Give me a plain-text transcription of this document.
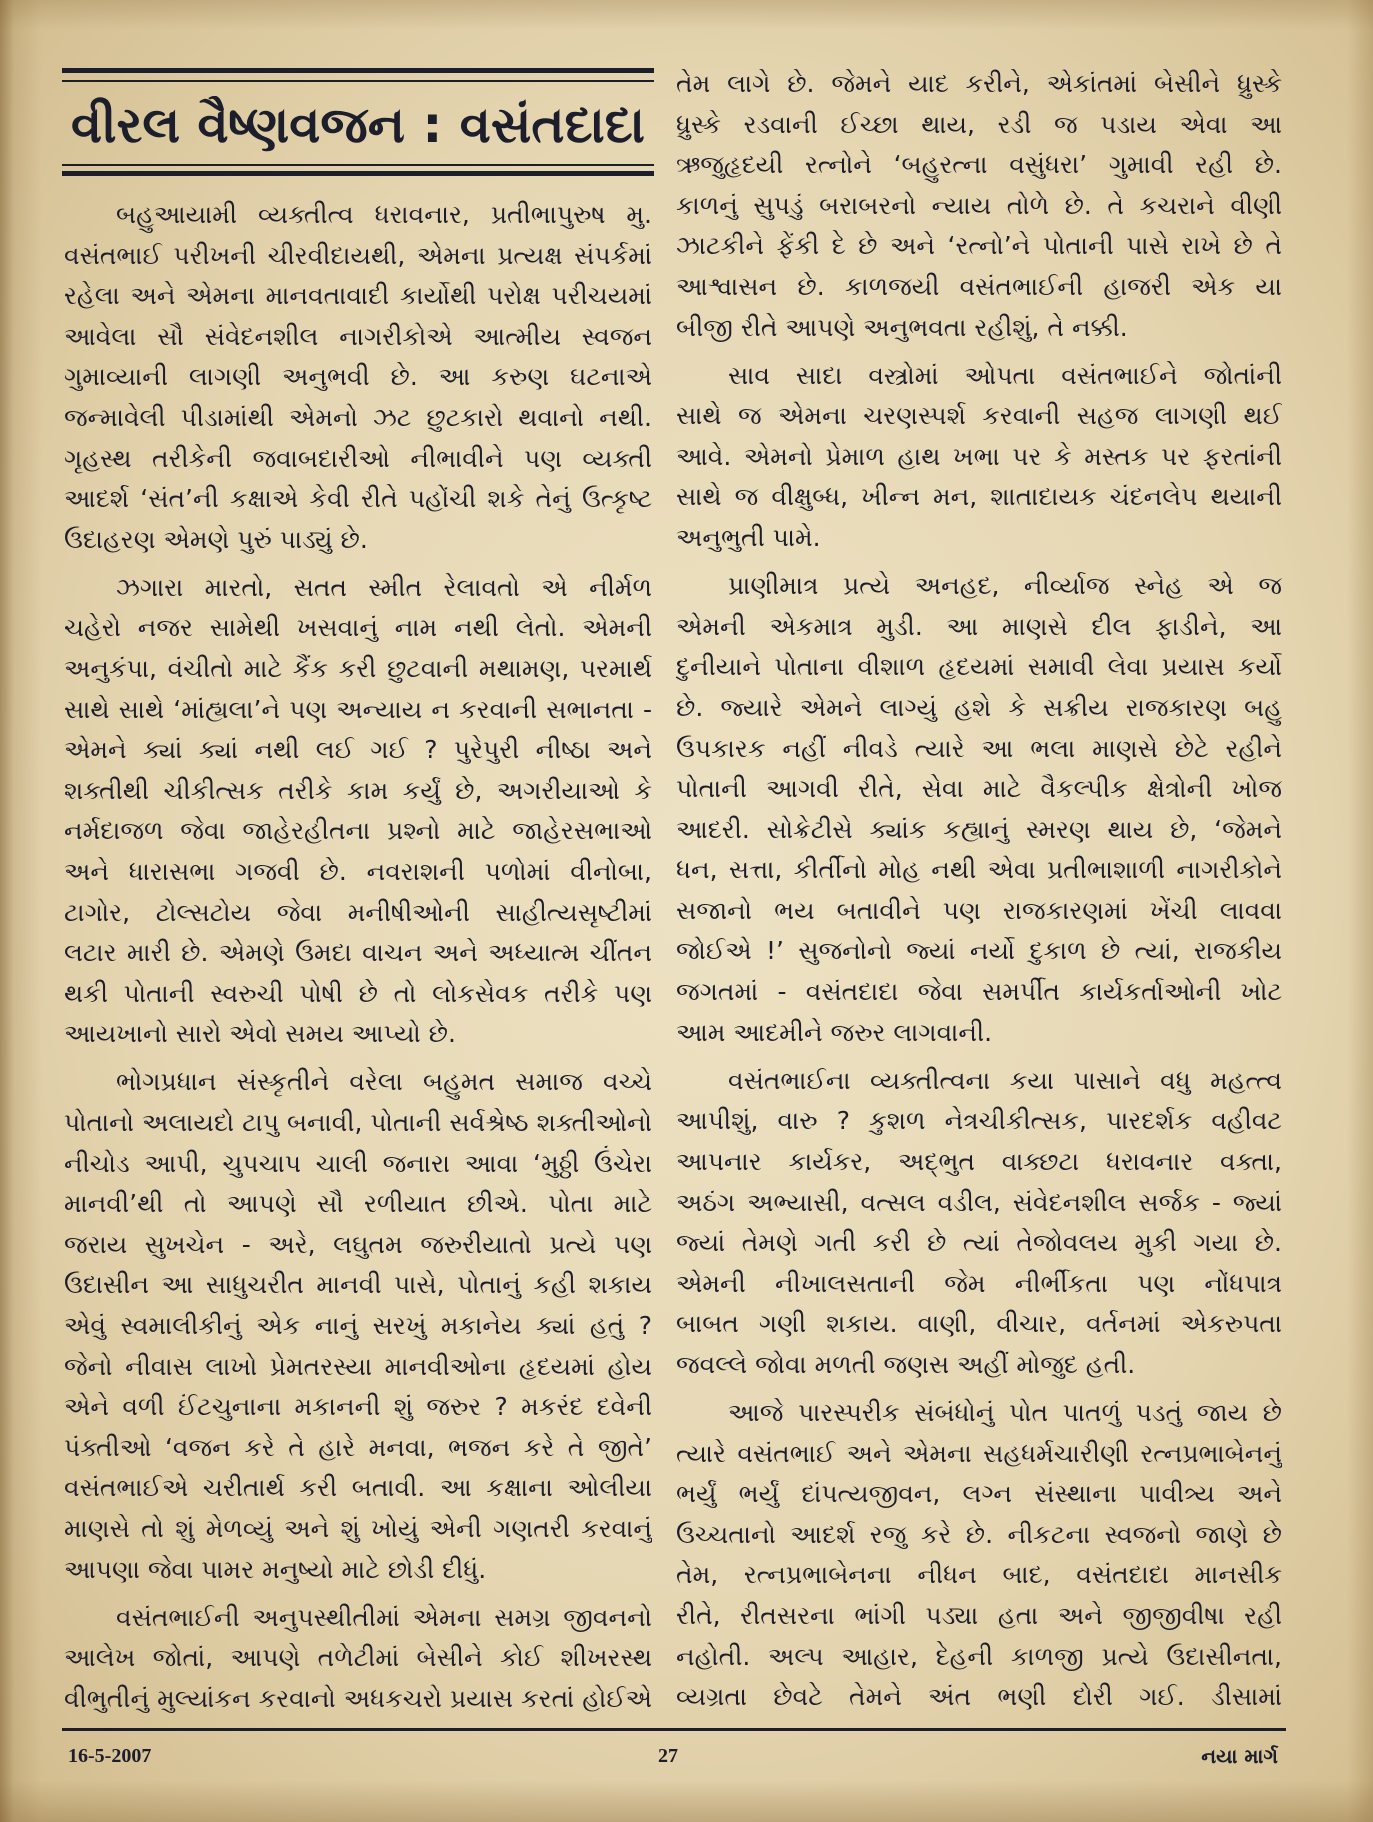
વીરલ વૈષ્ણવજન : વસંતદાદા
બહુઆયામી વ્યક્તીત્વ ધરાવનાર, પ્રતીભાપુરુષ મુ.
વસંતભાઈ પરીખની ચીરવીદાયથી, એમના પ્રત્યક્ષ સંપર્કમાં
રહેલા અને એમના માનવતાવાદી કાર્યોથી પરોક્ષ પરીચયમાં
આવેલા સૌ સંવેદનશીલ નાગરીકોએ આત્મીય સ્વજન
ગુમાવ્યાની લાગણી અનુભવી છે. આ કરુણ ઘટનાએ
જન્માવેલી પીડામાંથી એમનો ઝટ છુટકારો થવાનો નથી.
ગૃહસ્થ તરીકેની જવાબદારીઓ નીભાવીને પણ વ્યક્તી
આદર્શ ‘સંત’ની કક્ષાએ કેવી રીતે પહોંચી શકે તેનું ઉત્કૃષ્ટ
ઉદાહરણ એમણે પુરું પાડ્યું છે.
ઝગારા મારતો, સતત સ્મીત રેલાવતો એ નીર્મળ
ચહેરો નજર સામેથી ખસવાનું નામ નથી લેતો. એમની
અનુકંપા, વંચીતો માટે કૈંક કરી છુટવાની મથામણ, પરમાર્થ
સાથે સાથે ‘માંહ્યલા’ને પણ અન્યાય ન કરવાની સભાનતા -
એમને ક્યાં ક્યાં નથી લઈ ગઈ ? પુરેપુરી નીષ્ઠા અને
શક્તીથી ચીકીત્સક તરીકે કામ કર્યું છે, અગરીયાઓ કે
નર્મદાજળ જેવા જાહેરહીતના પ્રશ્નો માટે જાહેરસભાઓ
અને ધારાસભા ગજવી છે. નવરાશની પળોમાં વીનોબા,
ટાગોર, ટોલ્સટોય જેવા મનીષીઓની સાહીત્યસૃષ્ટીમાં
લટાર મારી છે. એમણે ઉમદા વાચન અને અધ્યાત્મ ચીંતન
થકી પોતાની સ્વરુચી પોષી છે તો લોકસેવક તરીકે પણ
આયખાનો સારો એવો સમય આપ્યો છે.
ભોગપ્રધાન સંસ્કૃતીને વરેલા બહુમત સમાજ વચ્ચે
પોતાનો અલાયદો ટાપુ બનાવી, પોતાની સર્વશ્રેષ્ઠ શક્તીઓનો
નીચોડ આપી, ચુપચાપ ચાલી જનારા આવા ‘મુઠ્ઠી ઉંચેરા
માનવી’થી તો આપણે સૌ રળીયાત છીએ. પોતા માટે
જરાય સુખચેન - અરે, લઘુતમ જરુરીયાતો પ્રત્યે પણ
ઉદાસીન આ સાધુચરીત માનવી પાસે, પોતાનું કહી શકાય
એવું સ્વમાલીકીનું એક નાનું સરખું મકાનેય ક્યાં હતું ?
જેનો નીવાસ લાખો પ્રેમતરસ્યા માનવીઓના હૃદયમાં હોય
એને વળી ઈંટચુનાના મકાનની શું જરુર ? મકરંદ દવેની
પંક્તીઓ ‘વજન કરે તે હારે મનવા, ભજન કરે તે જીતે’
વસંતભાઈએ ચરીતાર્થ કરી બતાવી. આ કક્ષાના ઓલીયા
માણસે તો શું મેળવ્યું અને શું ખોયું એની ગણતરી કરવાનું
આપણા જેવા પામર મનુષ્યો માટે છોડી દીધું.
વસંતભાઈની અનુપસ્થીતીમાં એમના સમગ્ર જીવનનો
આલેખ જોતાં, આપણે તળેટીમાં બેસીને કોઈ શીખરસ્થ
વીભુતીનું મુલ્યાંકન કરવાનો અધકચરો પ્રયાસ કરતાં હોઈએ
તેમ લાગે છે. જેમને યાદ કરીને, એકાંતમાં બેસીને ધ્રુસ્કે
ધ્રુસ્કે રડવાની ઈચ્છા થાય, રડી જ પડાય એવા આ
ઋજુહૃદયી રત્નોને ‘બહુરત્ના વસુંધરા’ ગુમાવી રહી છે.
કાળનું સુપડું બરાબરનો ન્યાય તોળે છે. તે કચરાને વીણી
ઝાટકીને ફેંકી દે છે અને ‘રત્નો’ને પોતાની પાસે રાખે છે તે
આશ્વાસન છે. કાળજયી વસંતભાઈની હાજરી એક યા
બીજી રીતે આપણે અનુભવતા રહીશું, તે નક્કી.
સાવ સાદા વસ્ત્રોમાં ઓપતા વસંતભાઈને જોતાંની
સાથે જ એમના ચરણસ્પર્શ કરવાની સહજ લાગણી થઈ
આવે. એમનો પ્રેમાળ હાથ ખભા પર કે મસ્તક પર ફરતાંની
સાથે જ વીક્ષુબ્ધ, ખીન્ન મન, શાતાદાયક ચંદનલેપ થયાની
અનુભુતી પામે.
પ્રાણીમાત્ર પ્રત્યે અનહદ, નીર્વ્યાજ સ્નેહ એ જ
એમની એકમાત્ર મુડી. આ માણસે દીલ ફાડીને, આ
દુનીયાને પોતાના વીશાળ હૃદયમાં સમાવી લેવા પ્રયાસ કર્યો
છે. જ્યારે એમને લાગ્યું હશે કે સક્રીય રાજકારણ બહુ
ઉપકારક નહીં નીવડે ત્યારે આ ભલા માણસે છેટે રહીને
પોતાની આગવી રીતે, સેવા માટે વૈકલ્પીક ક્ષેત્રોની ખોજ
આદરી. સોક્રેટીસે ક્યાંક કહ્યાનું સ્મરણ થાય છે, ‘જેમને
ધન, સત્તા, કીર્તીનો મોહ નથી એવા પ્રતીભાશાળી નાગરીકોને
સજાનો ભય બતાવીને પણ રાજકારણમાં ખેંચી લાવવા
જોઈએ !’ સુજનોનો જ્યાં નર્યો દુકાળ છે ત્યાં, રાજકીય
જગતમાં - વસંતદાદા જેવા સમર્પીત કાર્યકર્તાઓની ખોટ
આમ આદમીને જરુર લાગવાની.
વસંતભાઈના વ્યક્તીત્વના કયા પાસાને વધુ મહત્ત્વ
આપીશું, વારુ ? કુશળ નેત્રચીકીત્સક, પારદર્શક વહીવટ
આપનાર કાર્યકર, અદ્ભુત વાક્છટા ધરાવનાર વક્તા,
અઠંગ અભ્યાસી, વત્સલ વડીલ, સંવેદનશીલ સર્જક - જ્યાં
જ્યાં તેમણે ગતી કરી છે ત્યાં તેજોવલય મુકી ગયા છે.
એમની નીખાલસતાની જેમ નીર્ભીકતા પણ નોંધપાત્ર
બાબત ગણી શકાય. વાણી, વીચાર, વર્તનમાં એકરુપતા
જવલ્લે જોવા મળતી જણસ અહીં મોજુદ હતી.
આજે પારસ્પરીક સંબંધોનું પોત પાતળું પડતું જાય છે
ત્યારે વસંતભાઈ અને એમના સહધર્મચારીણી રત્નપ્રભાબેનનું
ભર્યું ભર્યું દાંપત્યજીવન, લગ્ન સંસ્થાના પાવીત્ર્ય અને
ઉચ્ચતાનો આદર્શ રજુ કરે છે. નીકટના સ્વજનો જાણે છે
તેમ, રત્નપ્રભાબેનના નીધન બાદ, વસંતદાદા માનસીક
રીતે, રીતસરના ભાંગી પડ્યા હતા અને જીજીવીષા રહી
નહોતી. અલ્પ આહાર, દેહની કાળજી પ્રત્યે ઉદાસીનતા,
વ્યગ્રતા છેવટે તેમને અંત ભણી દોરી ગઈ. ડીસામાં
16-5-2007	27	નયા માર્ગ
